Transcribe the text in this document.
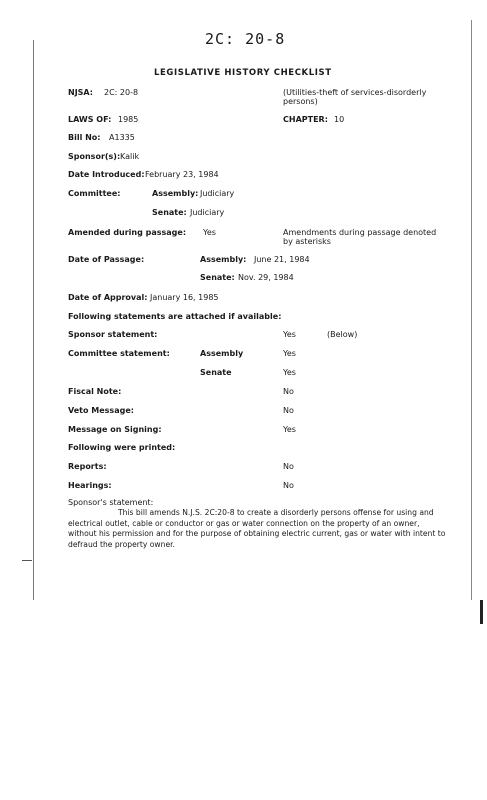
2C: 20-8
LEGISLATIVE HISTORY CHECKLIST
NJSA: 2C: 20-8	(Utilities-theft of services-disorderly
persons)
LAWS OF: 1985	CHAPTER: 10
Bill No: A1335
Sponsor(s): Kalik
Date Introduced: February 23, 1984
Committee:	Assembly: Judiciary
Senate: Judiciary
Amended during passage: Yes	Amendments during passage denoted
by asterisks
Date of Passage:	Assembly: June 21, 1984
Senate: Nov. 29, 1984
Date of Approval: January 16, 1985
Following statements are attached if available:
Sponsor statement:	Yes	(Below)
Committee statement:	Assembly	Yes
Senate	Yes
Fiscal Note:	No
Veto Message:	No
Message on Signing:	Yes
Following were printed:
Reports:	No
Hearings:	No
Sponsor's statement:
This bill amends N.J.S. 2C:20-8 to create a disorderly persons offense for using and electrical outlet, cable or conductor or gas or water connection on the property of an owner, without his permission and for the purpose of obtaining electric current, gas or water with intent to defraud the property owner.
